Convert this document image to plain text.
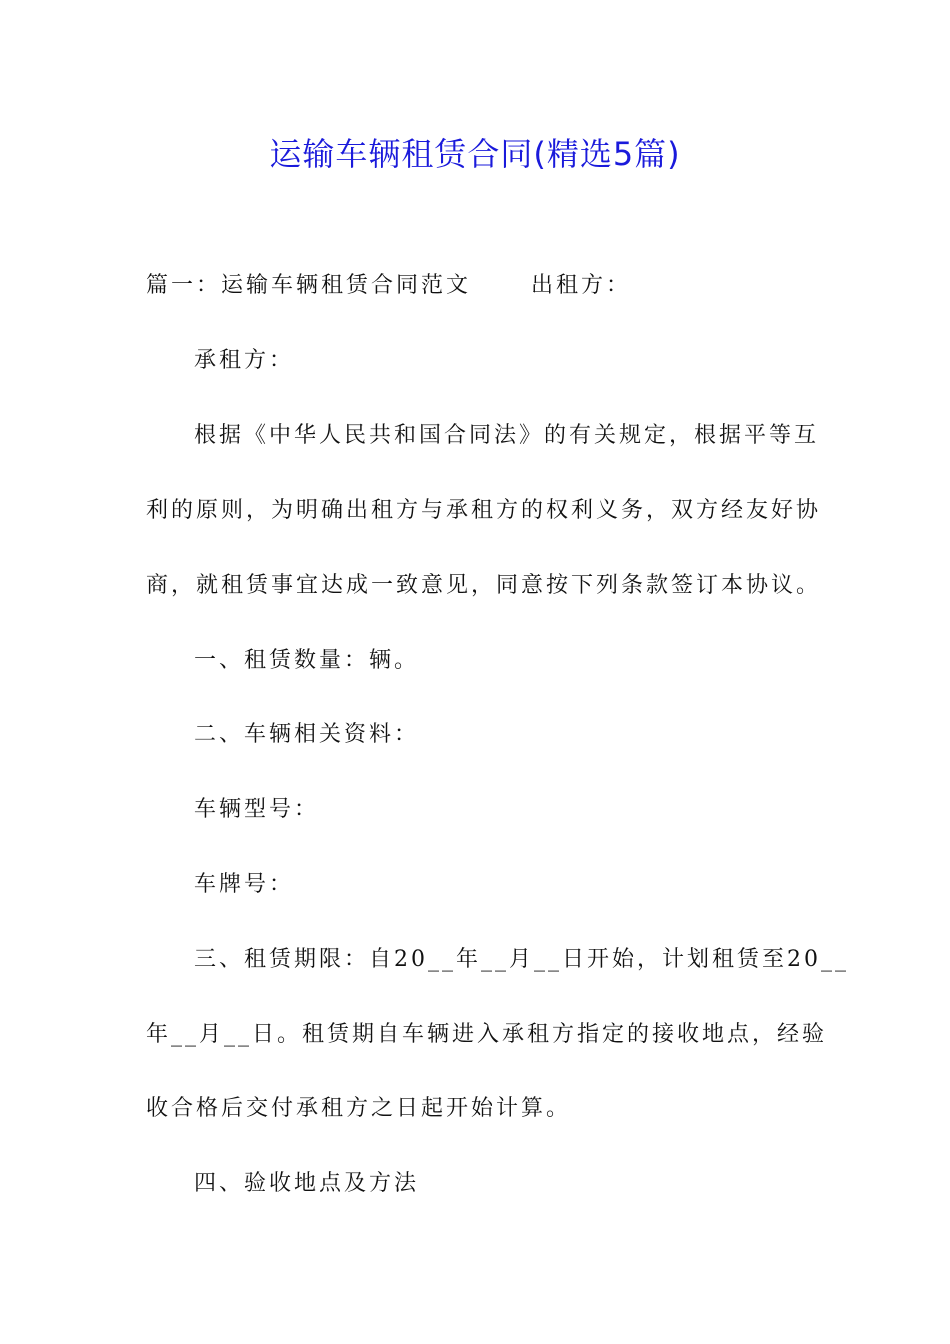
运输车辆租赁合同(精选5篇)
篇一：运输车辆租赁合同范文      出租方：
承租方：
根据《中华人民共和国合同法》的有关规定，根据平等互
利的原则，为明确出租方与承租方的权利义务，双方经友好协
商，就租赁事宜达成一致意见，同意按下列条款签订本协议。
一、租赁数量：辆。
二、车辆相关资料：
车辆型号：
车牌号：
三、租赁期限：自20__年__月__日开始，计划租赁至20__
年__月__日。租赁期自车辆进入承租方指定的接收地点，经验
收合格后交付承租方之日起开始计算。
四、验收地点及方法
